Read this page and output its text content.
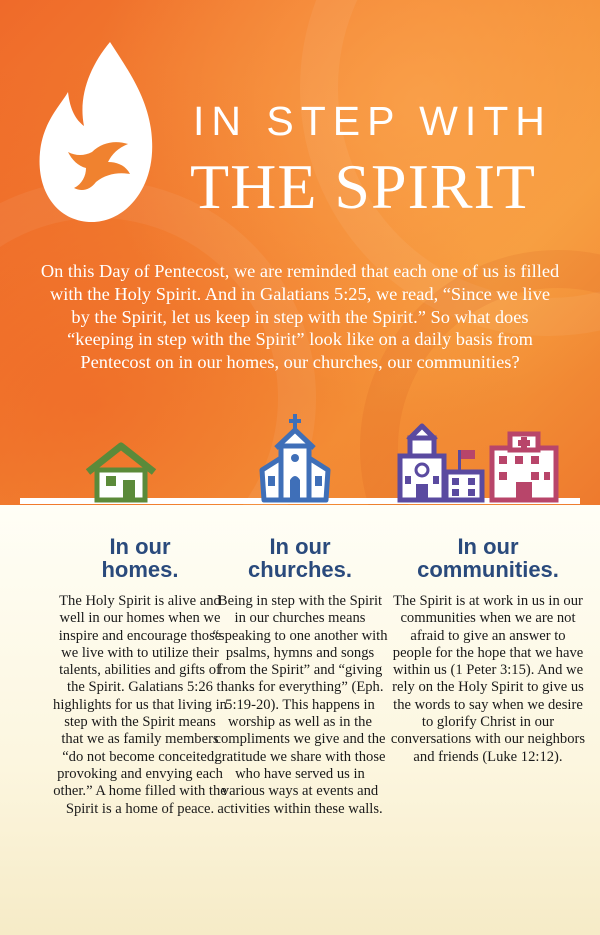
IN STEP WITH
THE SPIRIT
On this Day of Pentecost, we are reminded that each one of us is filled with the Holy Spirit. And in Galatians 5:25, we read, “Since we live by the Spirit, let us keep in step with the Spirit.” So what does “keeping in step with the Spirit” look like on a daily basis from Pentecost on in our homes, our churches, our communities?
In our
homes.

The Holy Spirit is alive and well in our homes when we inspire and encourage those we live with to utilize their talents, abilities and gifts of the Spirit. Galatians 5:26 highlights for us that living in step with the Spirit means that we as family members “do not become conceited, provoking and envying each other.” A home filled with the Spirit is a home of peace.

In our
churches.

Being in step with the Spirit in our churches means “speaking to one another with psalms, hymns and songs from the Spirit” and “giving thanks for everything” (Eph. 5:19-20). This happens in worship as well as in the compliments we give and the gratitude we share with those who have served us in various ways at events and activities within these walls.

In our
communities.

The Spirit is at work in us in our communities when we are not afraid to give an answer to people for the hope that we have within us (1 Peter 3:15). And we rely on the Holy Spirit to give us the words to say when we desire to glorify Christ in our conversations with our neighbors and friends (Luke 12:12).
